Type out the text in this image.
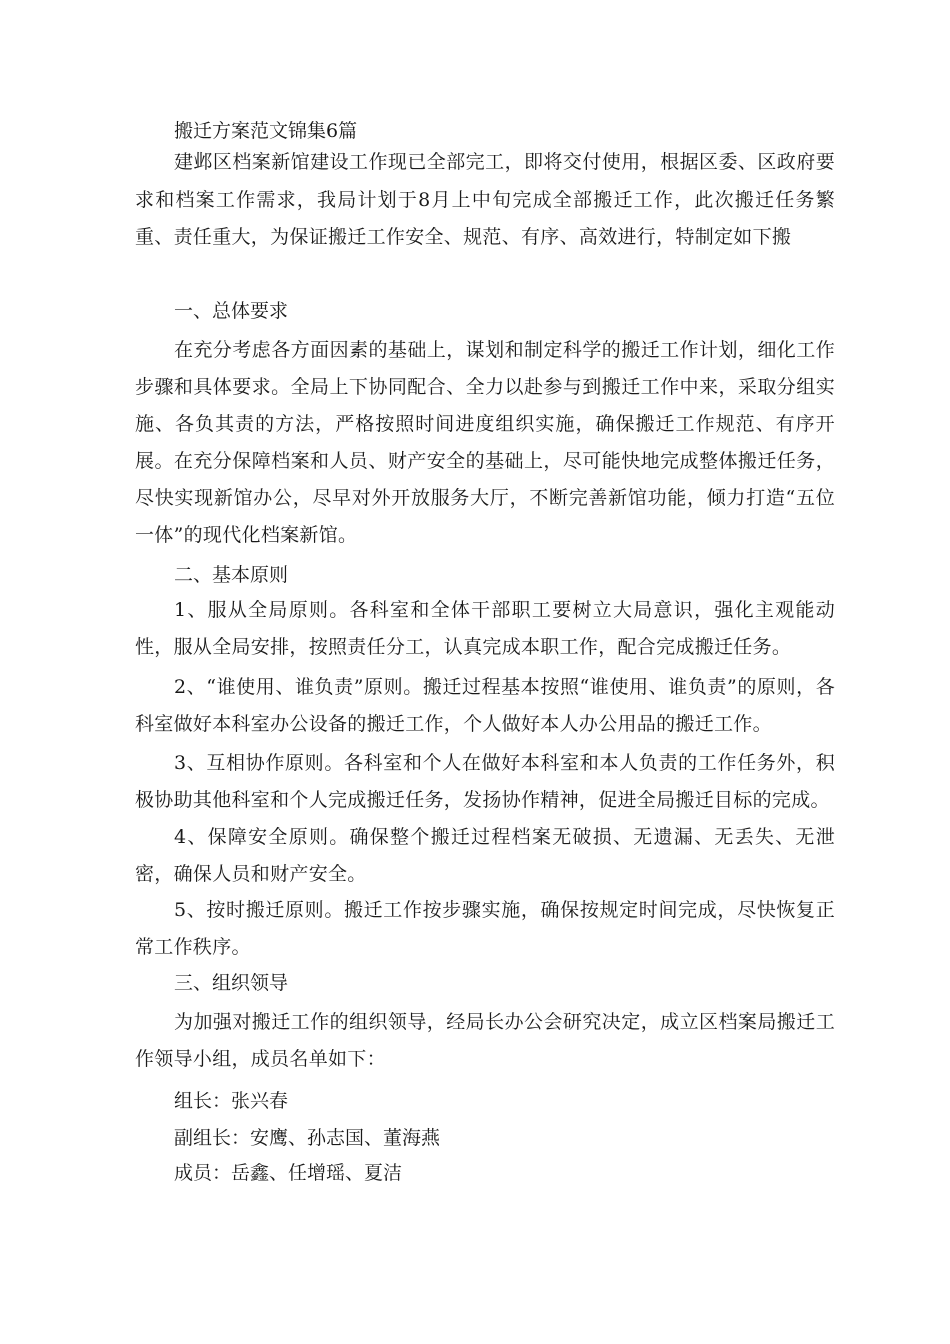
搬迁方案范文锦集6篇
建邺区档案新馆建设工作现已全部完工，即将交付使用，根据区委、区政府要求和档案工作需求，我局计划于8月上中旬完成全部搬迁工作，此次搬迁任务繁重、责任重大，为保证搬迁工作安全、规范、有序、高效进行，特制定如下搬
一、总体要求
在充分考虑各方面因素的基础上，谋划和制定科学的搬迁工作计划，细化工作步骤和具体要求。全局上下协同配合、全力以赴参与到搬迁工作中来，采取分组实施、各负其责的方法，严格按照时间进度组织实施，确保搬迁工作规范、有序开展。在充分保障档案和人员、财产安全的基础上，尽可能快地完成整体搬迁任务，尽快实现新馆办公，尽早对外开放服务大厅，不断完善新馆功能，倾力打造“五位一体”的现代化档案新馆。
二、基本原则
1、服从全局原则。各科室和全体干部职工要树立大局意识，强化主观能动性，服从全局安排，按照责任分工，认真完成本职工作，配合完成搬迁任务。
2、“谁使用、谁负责”原则。搬迁过程基本按照“谁使用、谁负责”的原则，各科室做好本科室办公设备的搬迁工作，个人做好本人办公用品的搬迁工作。
3、互相协作原则。各科室和个人在做好本科室和本人负责的工作任务外，积极协助其他科室和个人完成搬迁任务，发扬协作精神，促进全局搬迁目标的完成。
4、保障安全原则。确保整个搬迁过程档案无破损、无遗漏、无丢失、无泄密，确保人员和财产安全。
5、按时搬迁原则。搬迁工作按步骤实施，确保按规定时间完成，尽快恢复正常工作秩序。
三、组织领导
为加强对搬迁工作的组织领导，经局长办公会研究决定，成立区档案局搬迁工作领导小组，成员名单如下：
组长：张兴春
副组长：安鹰、孙志国、董海燕
成员：岳鑫、任增瑶、夏洁
